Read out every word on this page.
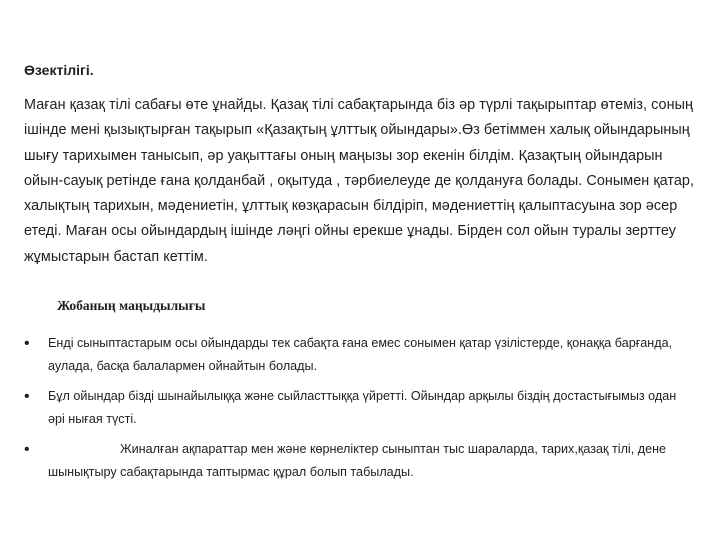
Өзектілігі.

Маған қазақ тілі сабағы өте ұнайды. Қазақ тілі сабақтарында біз әр түрлі тақырыптар өтеміз, соның ішінде мені қызықтырған тақырып «Қазақтың ұлттық ойындары».Өз бетіммен халық ойындарының шығу тарихымен танысып, әр уақыттағы оның маңызы зор екенін білдім. Қазақтың ойындарын ойын-сауық ретінде ғана қолданбай , оқытуда , тәрбиелеуде де қолдануға болады. Сонымен қатар, халықтың тарихын, мәдениетін, ұлттық көзқарасын білдіріп, мәдениеттің қалыптасуына зор әсер етеді. Маған осы ойындардың ішінде ләңгі ойны ерекше ұнады. Бірден сол ойын туралы зерттеу жұмыстарын бастап кеттім.

Жобаның маңыдылығы
• Енді сыныптастарым осы ойындарды тек сабақта ғана емес сонымен қатар үзілістерде, қонаққа барғанда, аулада, басқа балалармен ойнайтын болады.
• Бұл ойындар бізді шынайылыққа және сыйласттыққа үйретті. Ойындар арқылы біздің достастығымыз одан әрі нығая түсті.
•	Жиналған ақпараттар мен және көрнеліктер сыныптан тыс шараларда, тарих,қазақ тілі, дене шынықтыру сабақтарында таптырмас құрал болып табылады.
